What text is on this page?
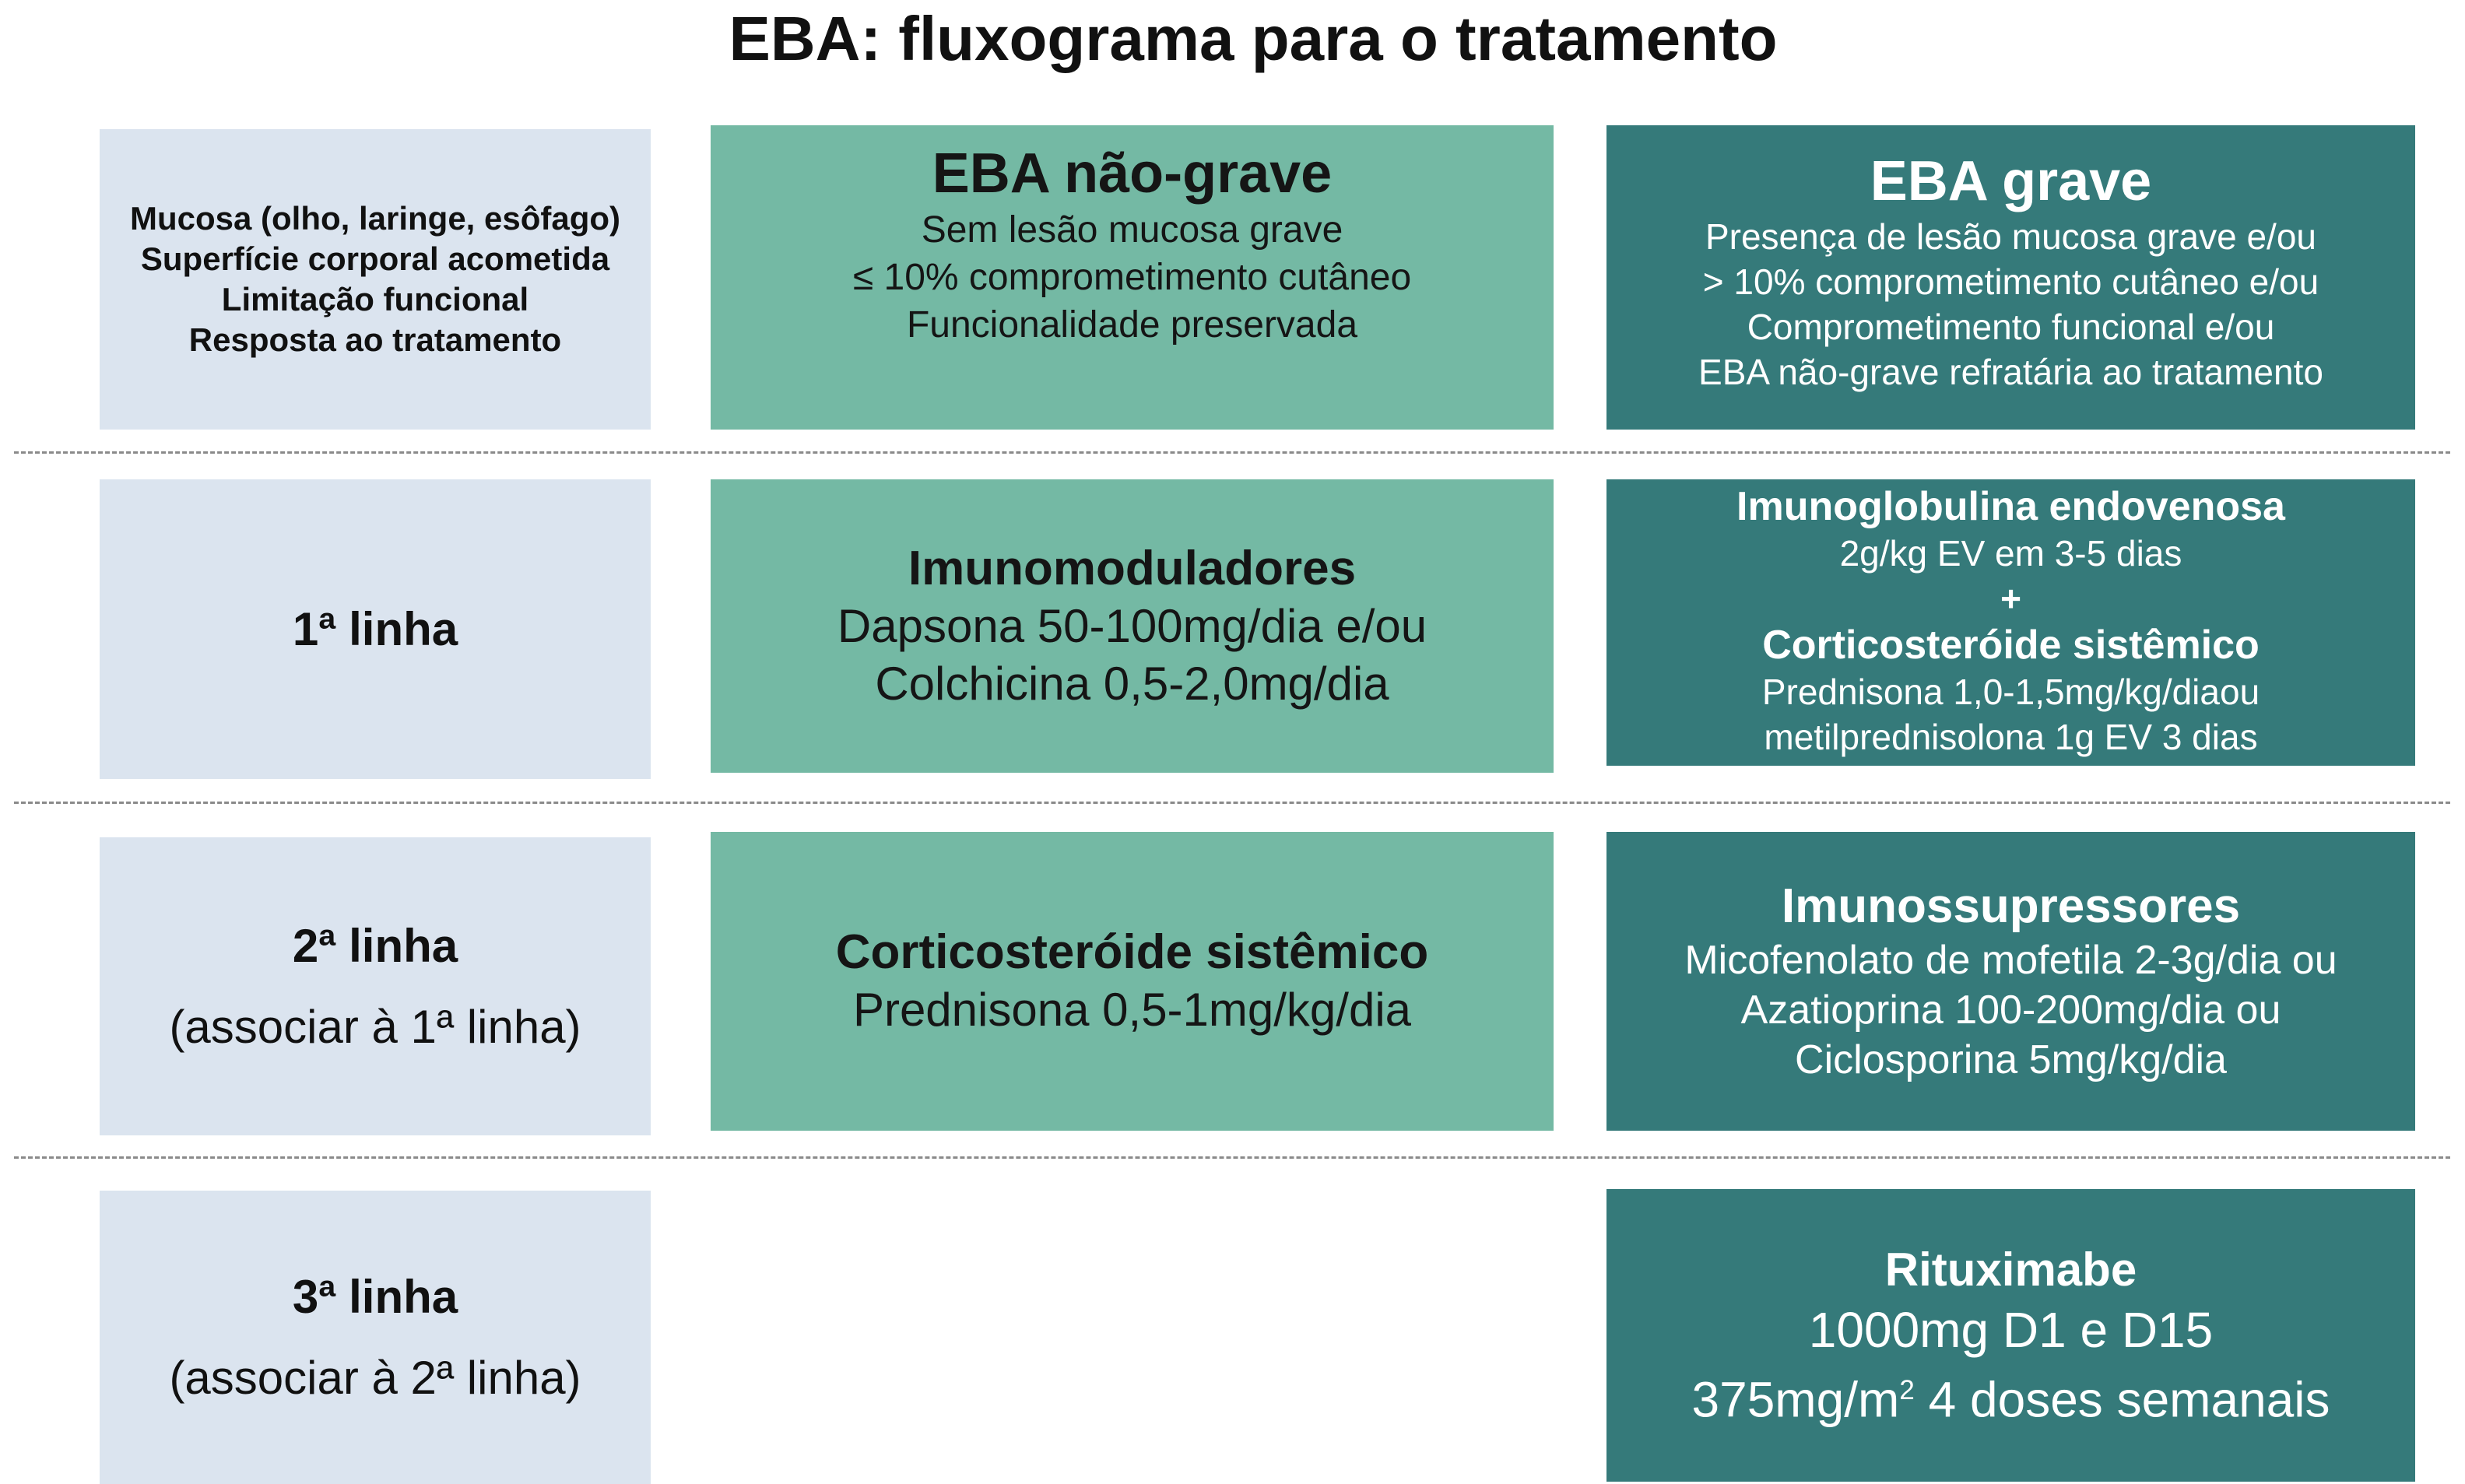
EBA: fluxograma para o tratamento
Mucosa (olho, laringe, esôfago)
Superfície corporal acometida
Limitação funcional
Resposta ao tratamento
EBA não-grave
Sem lesão mucosa grave
≤ 10% comprometimento cutâneo
Funcionalidade preservada
EBA grave
Presença de lesão mucosa grave e/ou
> 10% comprometimento cutâneo e/ou
Comprometimento funcional e/ou
EBA não-grave refratária ao tratamento
1ª linha
Imunomoduladores
Dapsona 50-100mg/dia e/ou
Colchicina 0,5-2,0mg/dia
Imunoglobulina endovenosa
2g/kg EV em 3-5 dias
+
Corticosteróide sistêmico
Prednisona 1,0-1,5mg/kg/diaou
metilprednisolona 1g EV 3 dias
2ª linha
(associar à 1ª linha)
Corticosteróide sistêmico
Prednisona 0,5-1mg/kg/dia
Imunossupressores
Micofenolato de mofetila 2-3g/dia ou
Azatioprina 100-200mg/dia ou
Ciclosporina 5mg/kg/dia
3ª linha
(associar à 2ª linha)
Rituximabe
1000mg D1 e D15
$375mg/m^2$ 4 doses semanais
